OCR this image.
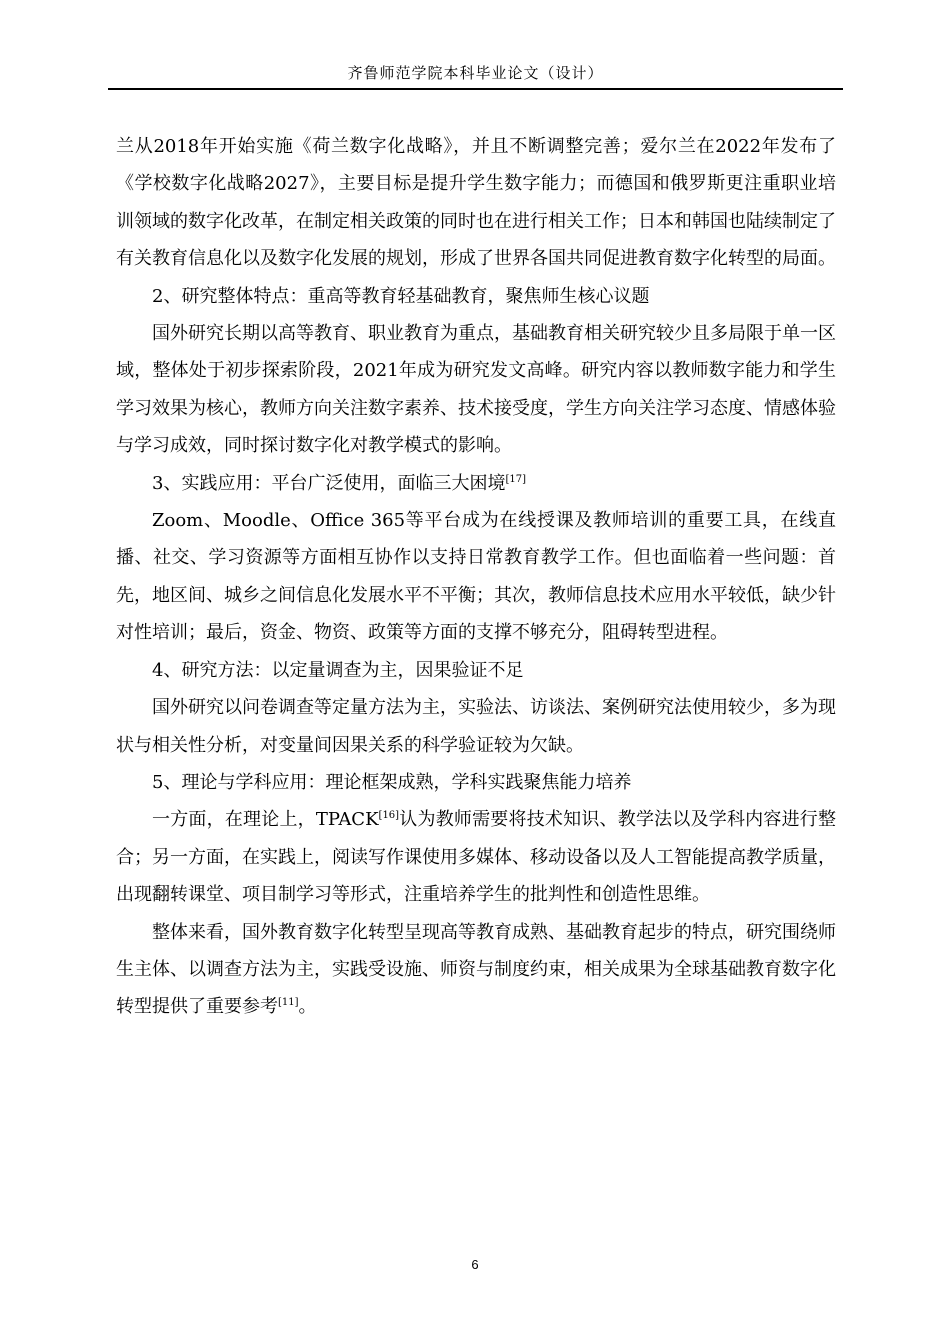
齐鲁师范学院本科毕业论文（设计）

兰从2018年开始实施《荷兰数字化战略》，并且不断调整完善；爱尔兰在2022年发布了《学校数字化战略2027》，主要目标是提升学生数字能力；而德国和俄罗斯更注重职业培训领域的数字化改革，在制定相关政策的同时也在进行相关工作；日本和韩国也陆续制定了有关教育信息化以及数字化发展的规划，形成了世界各国共同促进教育数字化转型的局面。

2、研究整体特点：重高等教育轻基础教育，聚焦师生核心议题

国外研究长期以高等教育、职业教育为重点，基础教育相关研究较少且多局限于单一区域，整体处于初步探索阶段，2021年成为研究发文高峰。研究内容以教师数字能力和学生学习效果为核心，教师方向关注数字素养、技术接受度，学生方向关注学习态度、情感体验与学习成效，同时探讨数字化对教学模式的影响。

3、实践应用：平台广泛使用，面临三大困境[17]

Zoom、Moodle、Office 365等平台成为在线授课及教师培训的重要工具，在线直播、社交、学习资源等方面相互协作以支持日常教育教学工作。但也面临着一些问题：首先，地区间、城乡之间信息化发展水平不平衡；其次，教师信息技术应用水平较低，缺少针对性培训；最后，资金、物资、政策等方面的支撑不够充分，阻碍转型进程。

4、研究方法：以定量调查为主，因果验证不足

国外研究以问卷调查等定量方法为主，实验法、访谈法、案例研究法使用较少，多为现状与相关性分析，对变量间因果关系的科学验证较为欠缺。

5、理论与学科应用：理论框架成熟，学科实践聚焦能力培养

一方面，在理论上，TPACK[16]认为教师需要将技术知识、教学法以及学科内容进行整合；另一方面，在实践上，阅读写作课使用多媒体、移动设备以及人工智能提高教学质量，出现翻转课堂、项目制学习等形式，注重培养学生的批判性和创造性思维。

整体来看，国外教育数字化转型呈现高等教育成熟、基础教育起步的特点，研究围绕师生主体、以调查方法为主，实践受设施、师资与制度约束，相关成果为全球基础教育数字化转型提供了重要参考[11]。

6
